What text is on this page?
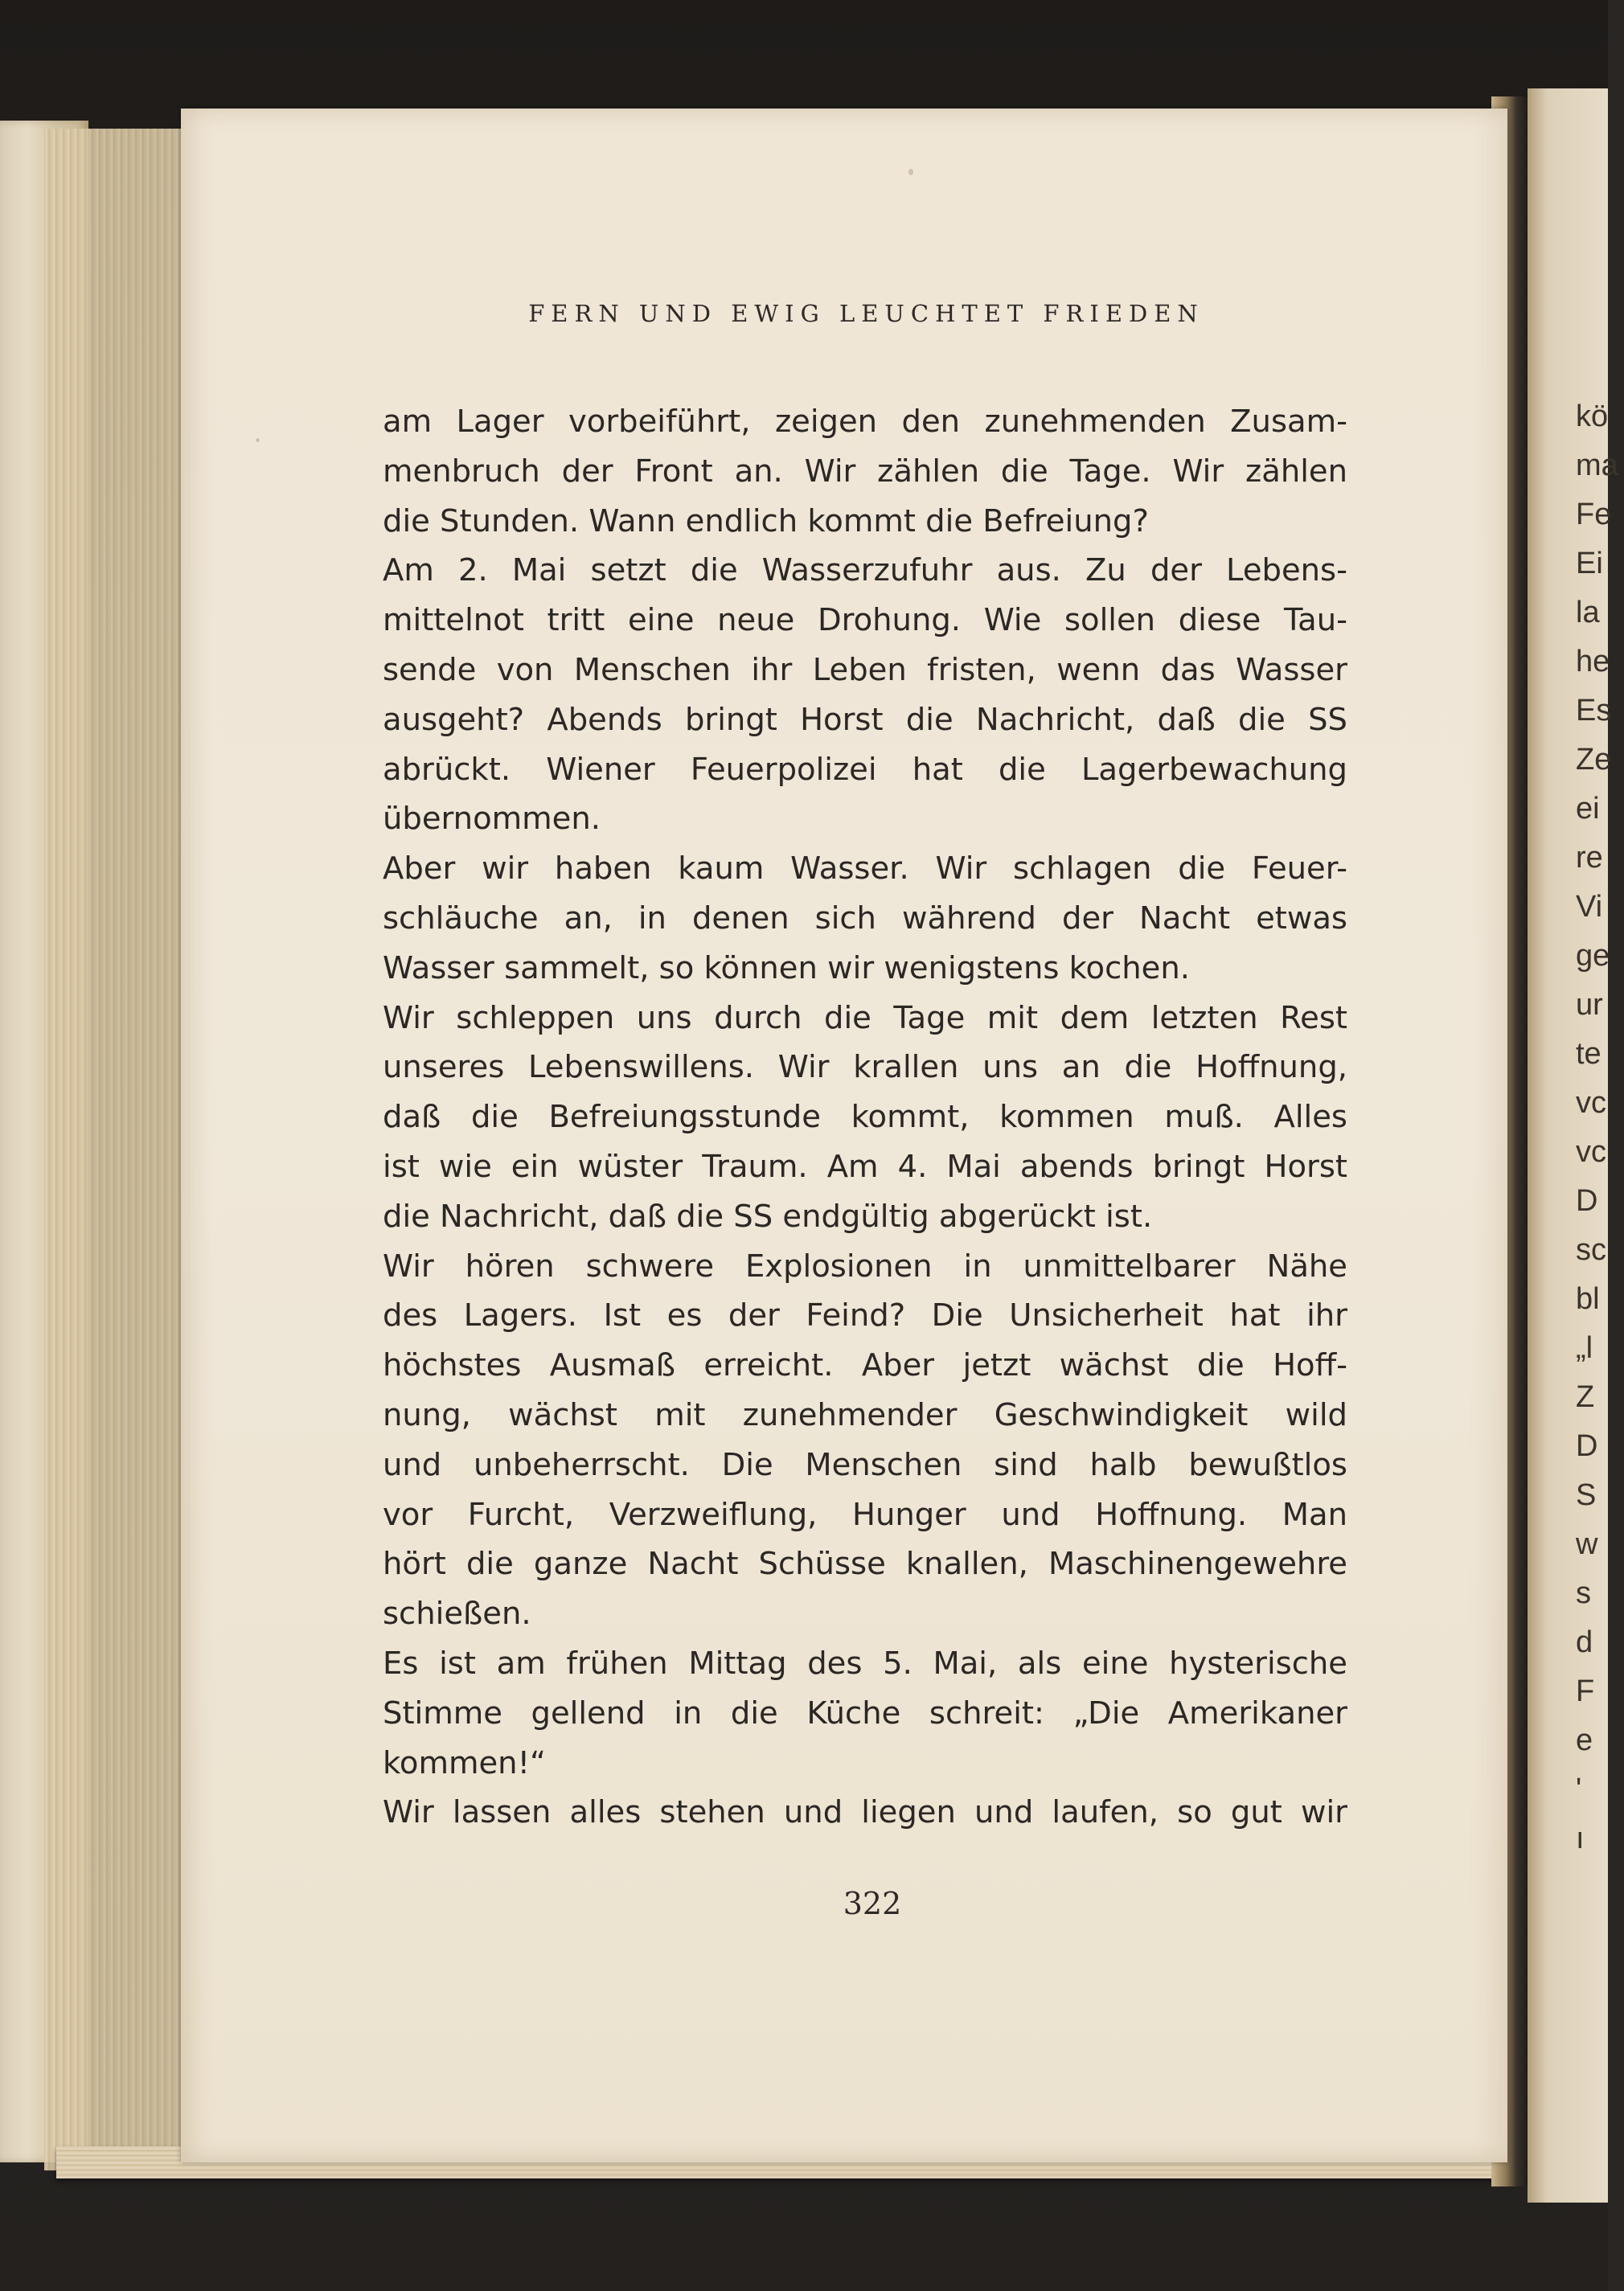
kö
ma
Fe
Ei
la
he
Es
Ze
ei
re
Vi
ge
ur
te
vc
vc
D
sc
bl
„l
Z
D
S
w
s
d
F
e
'
ı
FERN UND EWIG LEUCHTET FRIEDEN
am Lager vorbeiführt, zeigen den zunehmenden Zusam-
menbruch der Front an. Wir zählen die Tage. Wir zählen
die Stunden. Wann endlich kommt die Befreiung?
Am 2. Mai setzt die Wasserzufuhr aus. Zu der Lebens-
mittelnot tritt eine neue Drohung. Wie sollen diese Tau-
sende von Menschen ihr Leben fristen, wenn das Wasser
ausgeht? Abends bringt Horst die Nachricht, daß die SS
abrückt. Wiener Feuerpolizei hat die Lagerbewachung
übernommen.
Aber wir haben kaum Wasser. Wir schlagen die Feuer-
schläuche an, in denen sich während der Nacht etwas
Wasser sammelt, so können wir wenigstens kochen.
Wir schleppen uns durch die Tage mit dem letzten Rest
unseres Lebenswillens. Wir krallen uns an die Hoffnung,
daß die Befreiungsstunde kommt, kommen muß. Alles
ist wie ein wüster Traum. Am 4. Mai abends bringt Horst
die Nachricht, daß die SS endgültig abgerückt ist.
Wir hören schwere Explosionen in unmittelbarer Nähe
des Lagers. Ist es der Feind? Die Unsicherheit hat ihr
höchstes Ausmaß erreicht. Aber jetzt wächst die Hoff-
nung, wächst mit zunehmender Geschwindigkeit wild
und unbeherrscht. Die Menschen sind halb bewußtlos
vor Furcht, Verzweiflung, Hunger und Hoffnung. Man
hört die ganze Nacht Schüsse knallen, Maschinengewehre
schießen.
Es ist am frühen Mittag des 5. Mai, als eine hysterische
Stimme gellend in die Küche schreit: „Die Amerikaner
kommen!“
Wir lassen alles stehen und liegen und laufen, so gut wir
322
